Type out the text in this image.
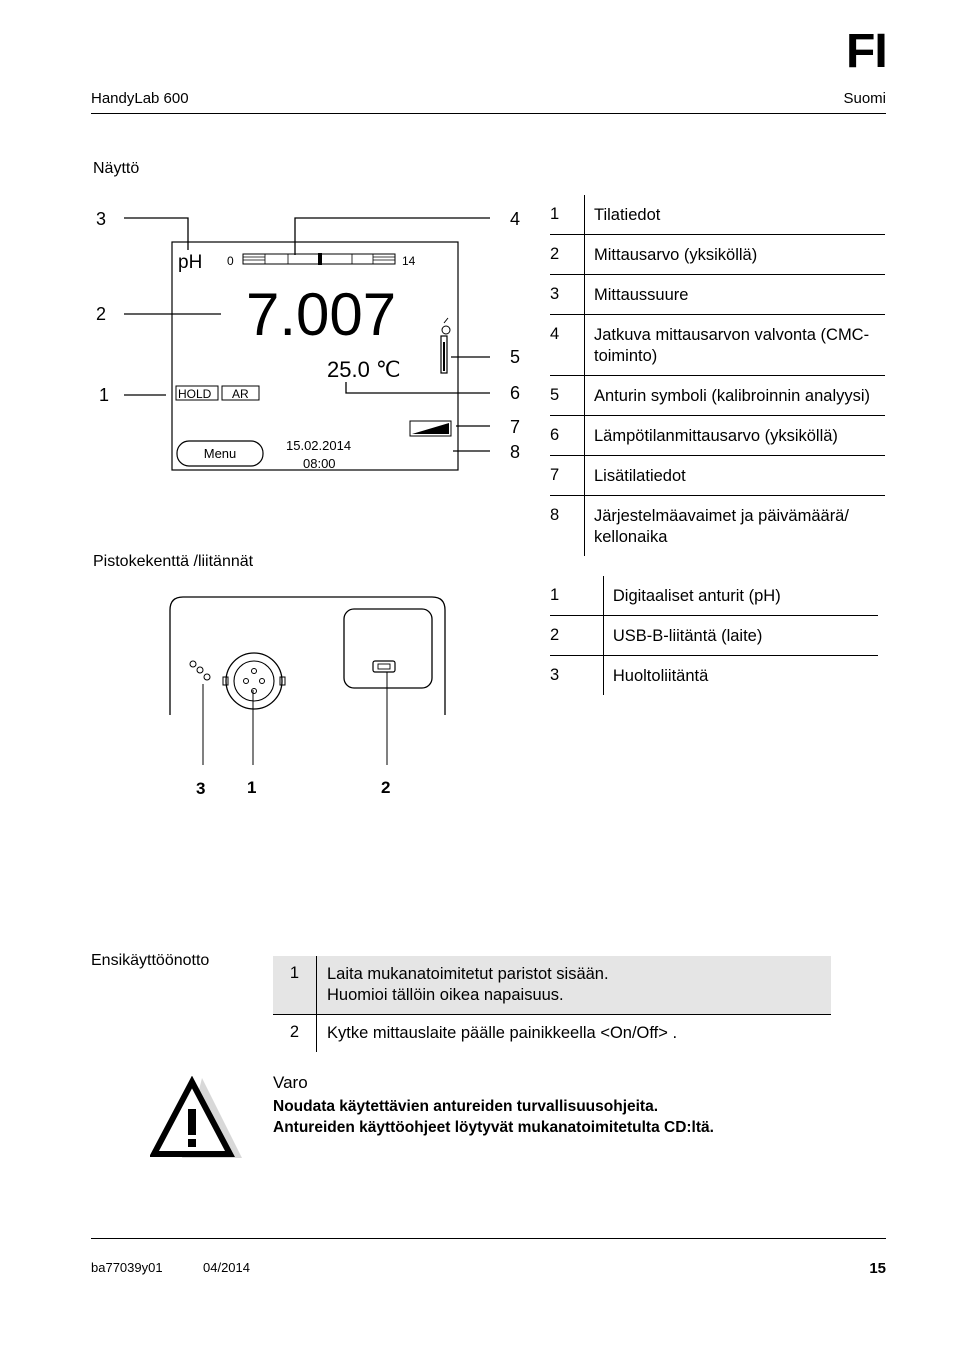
FI
HandyLab 600	Suomi
Näyttö
pH 0	14
7.007
25.0 ℃
HOLD AR
Menu
15.02.2014
08:00
3
2
1
4
5
6
7
8
1	Tilatiedot
2	Mittausarvo (yksiköllä)
3	Mittaussuure
4	Jatkuva mittausarvon valvonta (CMC-toiminto)
5	Anturin symboli (kalibroinnin analyysi)
6	Lämpötilanmittausarvo (yksiköllä)
7	Lisätilatiedot
8	Järjestelmäavaimet ja päivämäärä/ kellonaika
Pistokekenttä /liitännät
3 1	2
1	Digitaaliset anturit (pH)
2	USB-B-liitäntä (laite)
3	Huoltoliitäntä
Ensikäyttöönotto
1	Laita mukanatoimitetut paristot sisään.
Huomioi tällöin oikea napaisuus.
2	Kytke mittauslaite päälle painikkeella <On/Off> .
Varo
Noudata käytettävien antureiden turvallisuusohjeita.
Antureiden käyttöohjeet löytyvät mukanatoimitetulta CD:ltä.
ba77039y01	04/2014	15
